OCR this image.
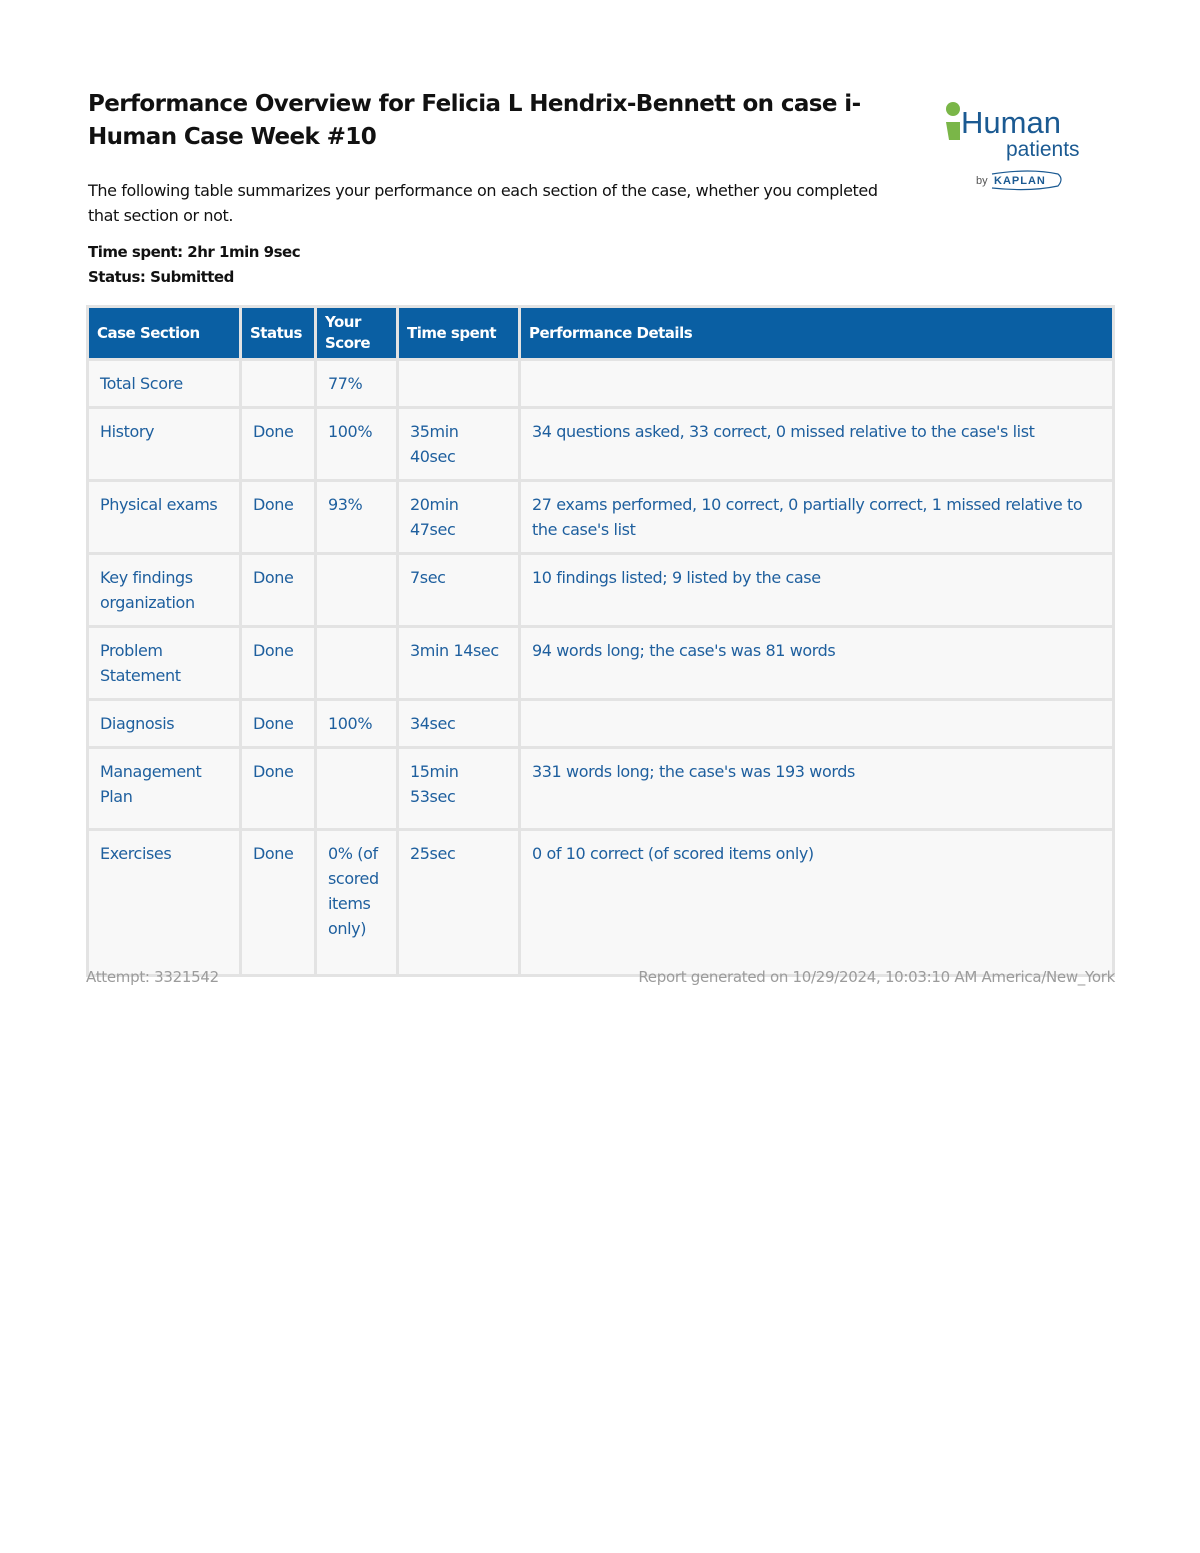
Performance Overview for Felicia L Hendrix-Bennett on case i-Human Case Week #10	Human
patients
by KAPLAN
The following table summarizes your performance on each section of the case, whether you completed that section or not.
Time spent: 2hr 1min 9sec
Status: Submitted
Case Section	Status	Your Score	Time spent	Performance Details
Total Score		77%		
History	Done	100%	35min 40sec	34 questions asked, 33 correct, 0 missed relative to the case's list
Physical exams	Done	93%	20min 47sec	27 exams performed, 10 correct, 0 partially correct, 1 missed relative to the case's list
Key findings organization	Done		7sec	10 findings listed; 9 listed by the case
Problem Statement	Done		3min 14sec	94 words long; the case's was 81 words
Diagnosis	Done	100%	34sec	
Management Plan	Done		15min 53sec	331 words long; the case's was 193 words
Exercises	Done	0% (of scored items only)	25sec	0 of 10 correct (of scored items only)
Attempt: 3321542	Report generated on 10/29/2024, 10:03:10 AM America/New_York
